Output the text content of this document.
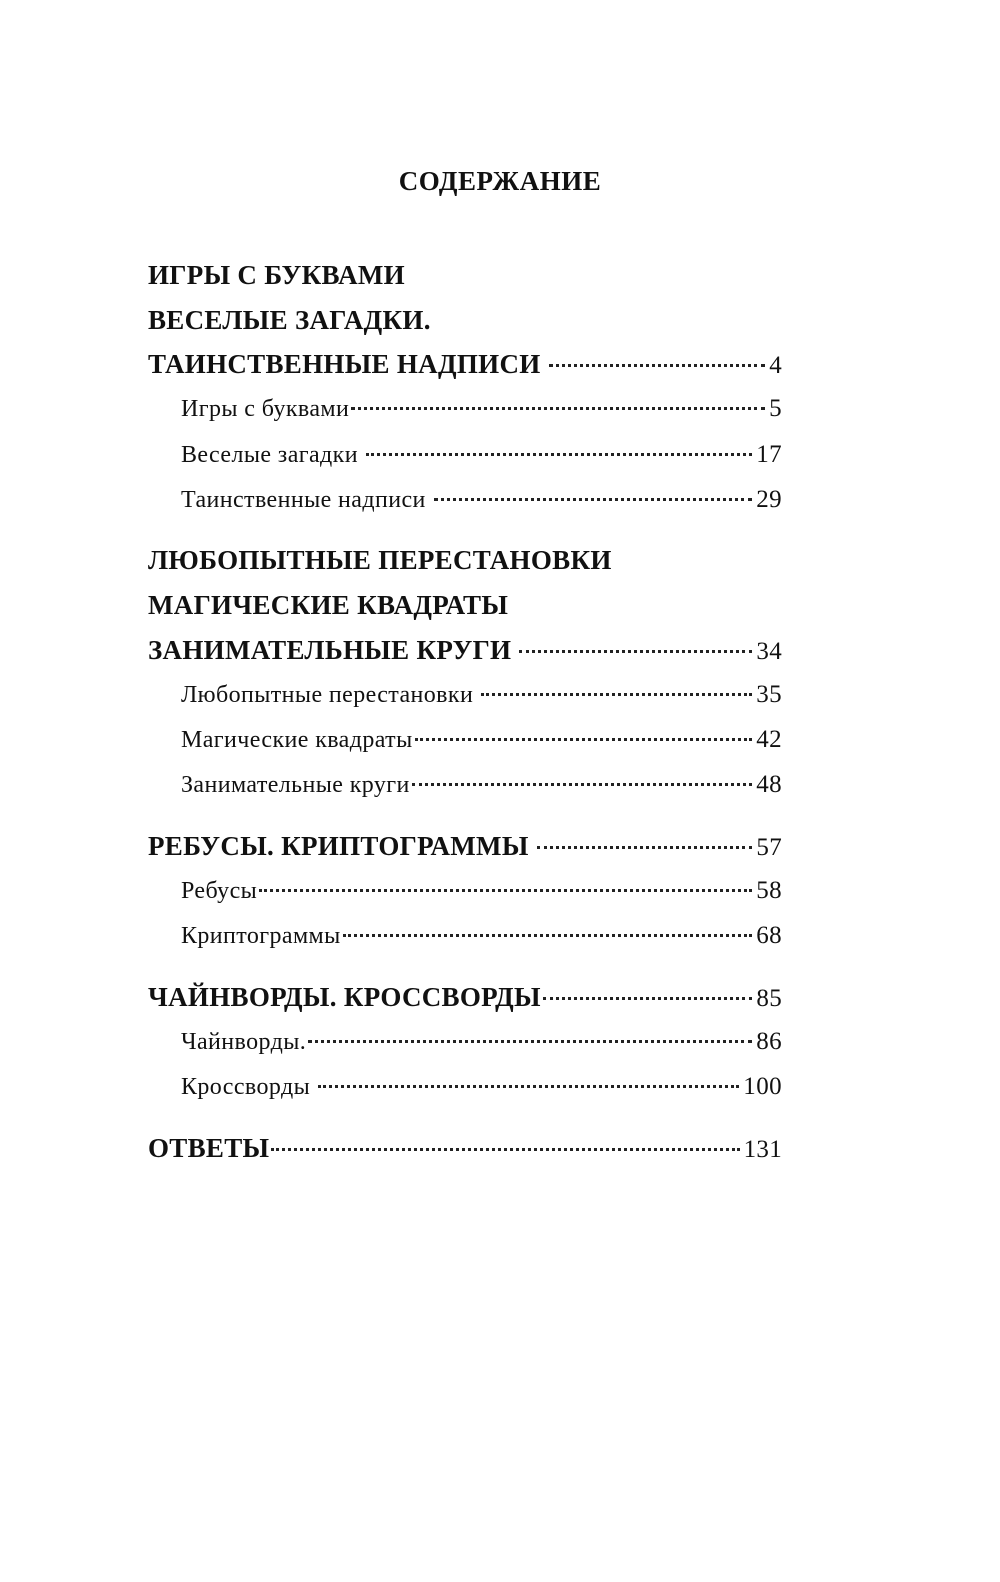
СОДЕРЖАНИЕ
ИГРЫ С БУКВАМИ
ВЕСЕЛЫЕ ЗАГАДКИ.
ТАИНСТВЕННЫЕ НАДПИСИ	4
Игры с буквами	5
Веселые загадки	17
Таинственные надписи	29
ЛЮБОПЫТНЫЕ ПЕРЕСТАНОВКИ
МАГИЧЕСКИЕ КВАДРАТЫ
ЗАНИМАТЕЛЬНЫЕ КРУГИ	34
Любопытные перестановки	35
Магические квадраты	42
Занимательные круги	48
РЕБУСЫ. КРИПТОГРАММЫ	57
Ребусы	58
Криптограммы	68
ЧАЙНВОРДЫ. КРОССВОРДЫ	85
Чайнворды.	86
Кроссворды	100
ОТВЕТЫ	131
